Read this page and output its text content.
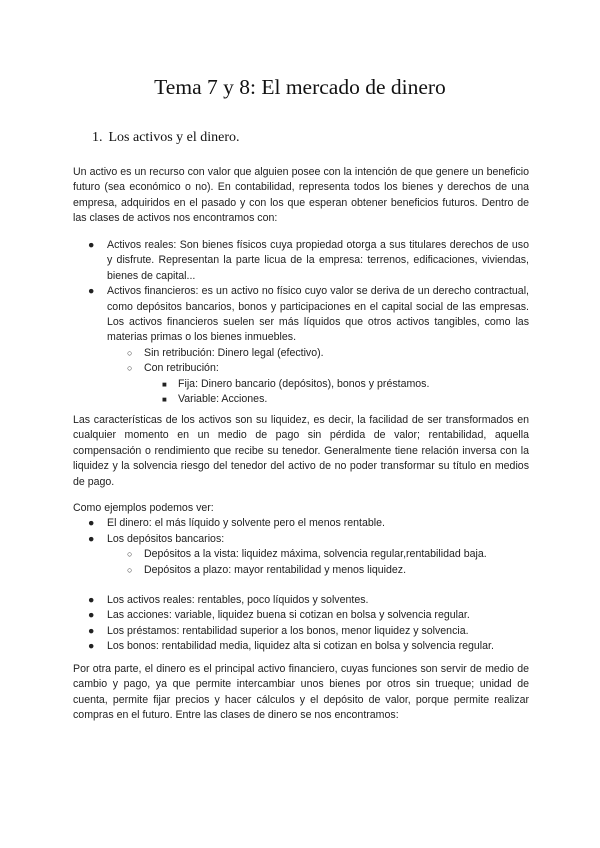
Tema 7 y 8: El mercado de dinero
1. Los activos y el dinero.

Un activo es un recurso con valor que alguien posee con la intención de que genere un beneficio futuro (sea económico o no). En contabilidad, representa todos los bienes y derechos de una empresa, adquiridos en el pasado y con los que esperan obtener beneficios futuros. Dentro de las clases de activos nos encontramos con:

● Activos reales: Son bienes físicos cuya propiedad otorga a sus titulares derechos de uso y disfrute. Representan la parte licua de la empresa: terrenos, edificaciones, viviendas, bienes de capital...

● Activos financieros: es un activo no físico cuyo valor se deriva de un derecho contractual, como depósitos bancarios, bonos y participaciones en el capital social de las empresas. Los activos financieros suelen ser más líquidos que otros activos tangibles, como las materias primas o los bienes inmuebles.

○ Sin retribución: Dinero legal (efectivo).
○ Con retribución:
■ Fija: Dinero bancario (depósitos), bonos y préstamos.
■ Variable: Acciones.

Las características de los activos son su liquidez, es decir, la facilidad de ser transformados en cualquier momento en un medio de pago sin pérdida de valor; rentabilidad, aquella compensación o rendimiento que recibe su tenedor. Generalmente tiene relación inversa con la liquidez y la solvencia riesgo del tenedor del activo de no poder transformar su título en medios de pago.

Como ejemplos podemos ver:

● El dinero: el más líquido y solvente pero el menos rentable.
● Los depósitos bancarios:
○ Depósitos a la vista: liquidez máxima, solvencia regular,rentabilidad baja.
○ Depósitos a plazo: mayor rentabilidad y menos liquidez.
● Los activos reales: rentables, poco líquidos y solventes.
● Las acciones: variable, liquidez buena si cotizan en bolsa y solvencia regular.
● Los préstamos: rentabilidad superior a los bonos, menor liquidez y solvencia.
● Los bonos: rentabilidad media, liquidez alta si cotizan en bolsa y solvencia regular.

Por otra parte, el dinero es el principal activo financiero, cuyas funciones son servir de medio de cambio y pago, ya que permite intercambiar unos bienes por otros sin trueque; unidad de cuenta, permite fijar precios y hacer cálculos y el depósito de valor, porque permite realizar compras en el futuro. Entre las clases de dinero se nos encontramos:
